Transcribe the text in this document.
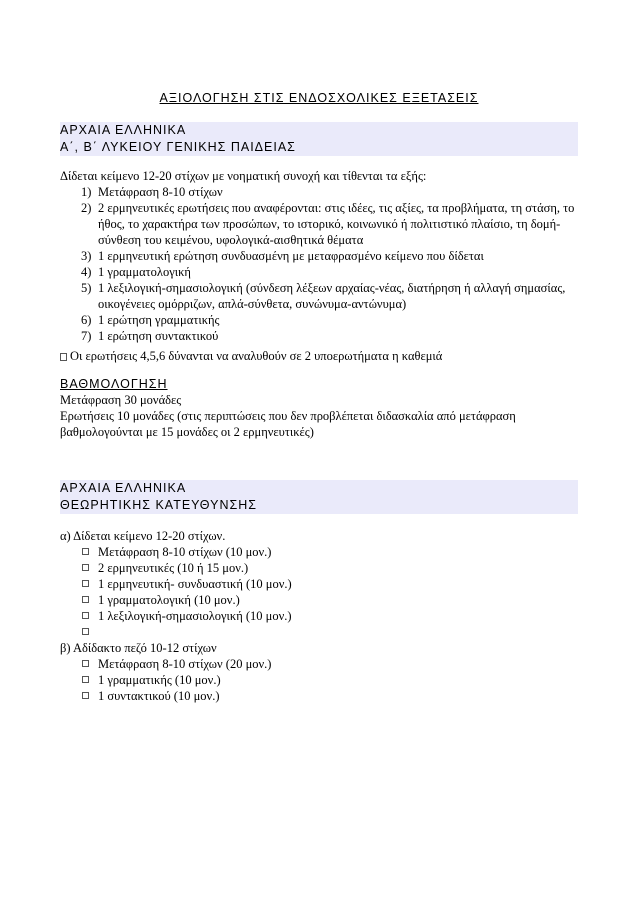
ΑΞΙΟΛΟΓΗΣΗ ΣΤΙΣ ΕΝΔΟΣΧΟΛΙΚΕΣ ΕΞΕΤΑΣΕΙΣ
ΑΡΧΑΙΑ ΕΛΛΗΝΙΚΑ
Α΄, Β΄ ΛΥΚΕΙΟΥ ΓΕΝΙΚΗΣ ΠΑΙΔΕΙΑΣ
Δίδεται κείμενο 12-20 στίχων με νοηματική συνοχή και τίθενται τα εξής:
1) Μετάφραση 8-10 στίχων
2) 2 ερμηνευτικές ερωτήσεις που αναφέρονται: στις ιδέες, τις αξίες, τα προβλήματα, τη στάση, το ήθος, το χαρακτήρα των προσώπων, το ιστορικό, κοινωνικό ή πολιτιστικό πλαίσιο, τη δομή-σύνθεση του κειμένου, υφολογικά-αισθητικά θέματα
3) 1 ερμηνευτική ερώτηση συνδυασμένη με μεταφρασμένο κείμενο που δίδεται
4) 1 γραμματολογική
5) 1 λεξιλογική-σημασιολογική (σύνδεση λέξεων αρχαίας-νέας, διατήρηση ή αλλαγή σημασίας, οικογένειες ομόρριζων, απλά-σύνθετα, συνώνυμα-αντώνυμα)
6) 1 ερώτηση γραμματικής
7) 1 ερώτηση συντακτικού
Οι ερωτήσεις 4,5,6 δύνανται να αναλυθούν σε 2 υποερωτήματα η καθεμιά
ΒΑΘΜΟΛΟΓΗΣΗ
Μετάφραση 30 μονάδες
Ερωτήσεις 10 μονάδες (στις περιπτώσεις που δεν προβλέπεται διδασκαλία από μετάφραση βαθμολογούνται με 15 μονάδες οι 2 ερμηνευτικές)
ΑΡΧΑΙΑ ΕΛΛΗΝΙΚΑ
ΘΕΩΡΗΤΙΚΗΣ ΚΑΤΕΥΘΥΝΣΗΣ
α) Δίδεται κείμενο 12-20 στίχων.
Μετάφραση 8-10 στίχων (10 μον.)
2 ερμηνευτικές (10 ή 15 μον.)
1 ερμηνευτική- συνδυαστική (10 μον.)
1 γραμματολογική (10 μον.)
1 λεξιλογική-σημασιολογική (10 μον.)
β) Αδίδακτο πεζό 10-12 στίχων
Μετάφραση 8-10 στίχων (20 μον.)
1 γραμματικής (10 μον.)
1 συντακτικού (10 μον.)
